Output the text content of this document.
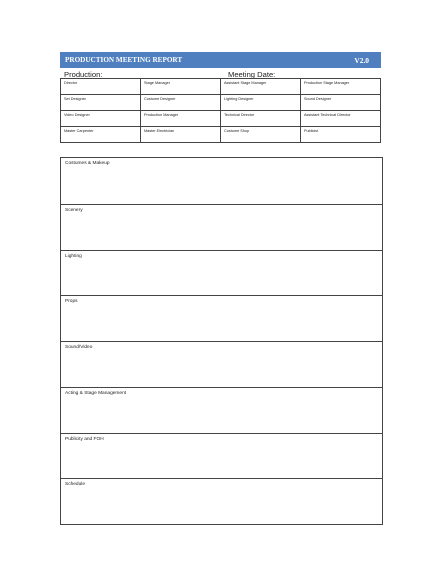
PRODUCTION MEETING REPORT	V2.0
Production: _______________________	Meeting Date: _______________
Director	Stage Manager	Assistant Stage Manager	Production Stage Manager
Set Designer	Costume Designer	Lighting Designer	Sound Designer
Video Designer	Production Manager	Technical Director	Assistant Technical Director
Master Carpenter	Master Electrician	Costume Shop	Publicist
Costumes & Makeup
Scenery
Lighting
Props
Sound/Video
Acting & Stage Management
Publicity and FOH
Schedule
